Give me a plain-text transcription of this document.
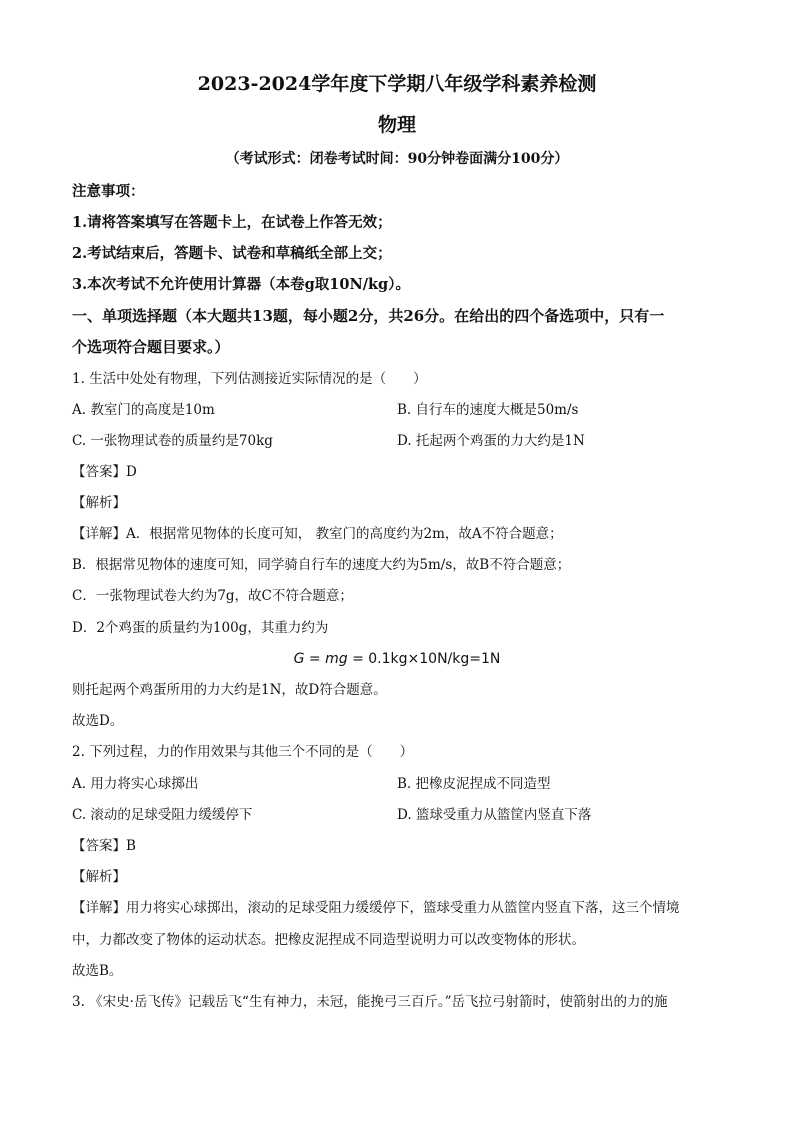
2023-2024学年度下学期八年级学科素养检测
物理
（考试形式：闭卷考试时间：90分钟卷面满分100分）
注意事项：
1.请将答案填写在答题卡上，在试卷上作答无效；
2.考试结束后，答题卡、试卷和草稿纸全部上交；
3.本次考试不允许使用计算器（本卷g取10N/kg）。
一、单项选择题（本大题共13题，每小题2分，共26分。在给出的四个备选项中，只有一
个选项符合题目要求。）
1. 生活中处处有物理，下列估测接近实际情况的是（　　）
A. 教室门的高度是10m	B. 自行车的速度大概是50m/s
C. 一张物理试卷的质量约是70kg	D. 托起两个鸡蛋的力大约是1N
【答案】D
【解析】
【详解】A．根据常见物体的长度可知， 教室门的高度约为2m，故A不符合题意；
B．根据常见物体的速度可知，同学骑自行车的速度大约为5m/s，故B不符合题意；
C．一张物理试卷大约为7g，故C不符合题意；
D．2个鸡蛋的质量约为100g，其重力约为
G = mg = 0.1kg×10N/kg=1N
则托起两个鸡蛋所用的力大约是1N，故D符合题意。
故选D。
2. 下列过程，力的作用效果与其他三个不同的是（　　）
A. 用力将实心球掷出	B. 把橡皮泥捏成不同造型
C. 滚动的足球受阻力缓缓停下	D. 篮球受重力从篮筐内竖直下落
【答案】B
【解析】
【详解】用力将实心球掷出，滚动的足球受阻力缓缓停下，篮球受重力从篮筐内竖直下落，这三个情境
中，力都改变了物体的运动状态。把橡皮泥捏成不同造型说明力可以改变物体的形状。
故选B。
3. 《宋史·岳飞传》记载岳飞“生有神力，未冠，能挽弓三百斤。”岳飞拉弓射箭时，使箭射出的力的施
